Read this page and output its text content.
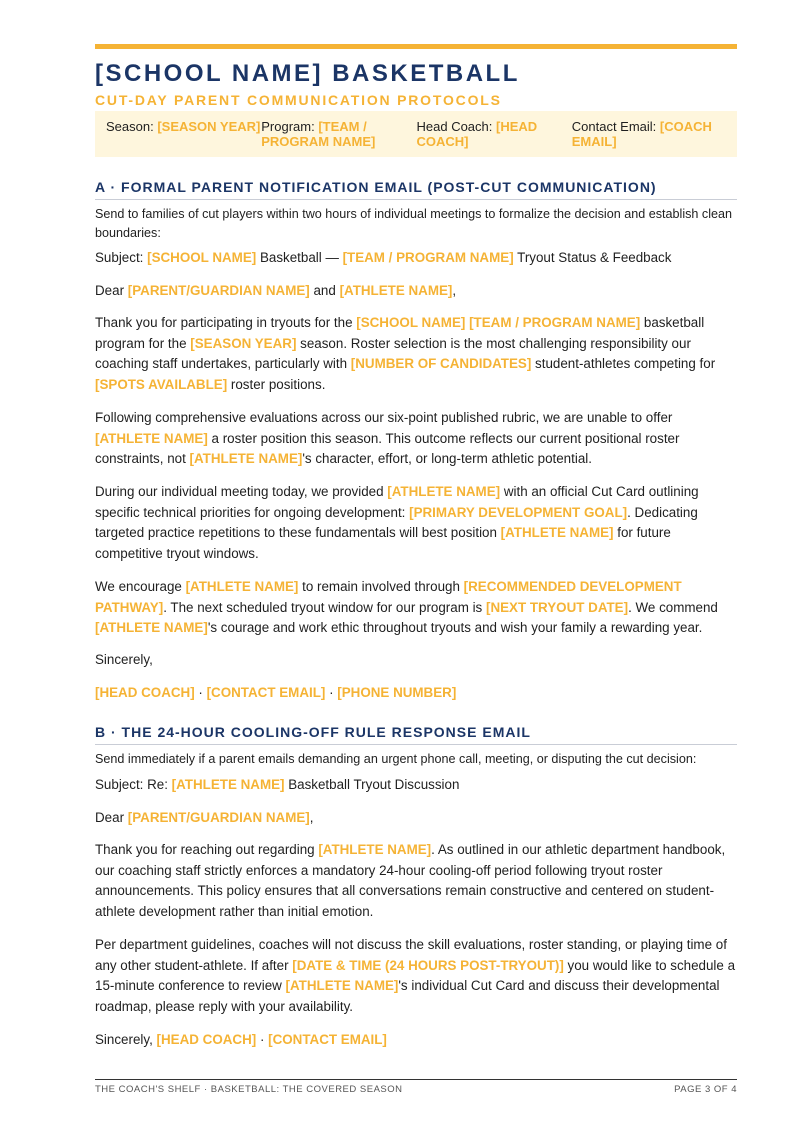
[SCHOOL NAME] BASKETBALL
CUT-DAY PARENT COMMUNICATION PROTOCOLS
Season: [SEASON YEAR] Program: [TEAM / PROGRAM NAME]
Head Coach: [HEAD COACH]
Contact Email: [COACH EMAIL]
A · FORMAL PARENT NOTIFICATION EMAIL (POST-CUT COMMUNICATION)

Send to families of cut players within two hours of individual meetings to formalize the decision and establish clean boundaries:

Subject: [SCHOOL NAME] Basketball — [TEAM / PROGRAM NAME] Tryout Status & Feedback

Dear [PARENT/GUARDIAN NAME] and [ATHLETE NAME],

Thank you for participating in tryouts for the [SCHOOL NAME] [TEAM / PROGRAM NAME] basketball program for the [SEASON YEAR] season. Roster selection is the most challenging responsibility our coaching staff undertakes, particularly with [NUMBER OF CANDIDATES] student-athletes competing for [SPOTS AVAILABLE] roster positions.

Following comprehensive evaluations across our six-point published rubric, we are unable to offer [ATHLETE NAME] a roster position this season. This outcome reflects our current positional roster constraints, not [ATHLETE NAME]'s character, effort, or long-term athletic potential.

During our individual meeting today, we provided [ATHLETE NAME] with an official Cut Card outlining specific technical priorities for ongoing development: [PRIMARY DEVELOPMENT GOAL]. Dedicating targeted practice repetitions to these fundamentals will best position [ATHLETE NAME] for future competitive tryout windows.

We encourage [ATHLETE NAME] to remain involved through [RECOMMENDED DEVELOPMENT PATHWAY]. The next scheduled tryout window for our program is [NEXT TRYOUT DATE]. We commend [ATHLETE NAME]'s courage and work ethic throughout tryouts and wish your family a rewarding year.

Sincerely,

[HEAD COACH] · [CONTACT EMAIL] · [PHONE NUMBER]

B · THE 24-HOUR COOLING-OFF RULE RESPONSE EMAIL

Send immediately if a parent emails demanding an urgent phone call, meeting, or disputing the cut decision:

Subject: Re: [ATHLETE NAME] Basketball Tryout Discussion

Dear [PARENT/GUARDIAN NAME],

Thank you for reaching out regarding [ATHLETE NAME]. As outlined in our athletic department handbook, our coaching staff strictly enforces a mandatory 24-hour cooling-off period following tryout roster announcements. This policy ensures that all conversations remain constructive and centered on student-athlete development rather than initial emotion.

Per department guidelines, coaches will not discuss the skill evaluations, roster standing, or playing time of any other student-athlete. If after [DATE & TIME (24 HOURS POST-TRYOUT)] you would like to schedule a 15-minute conference to review [ATHLETE NAME]'s individual Cut Card and discuss their developmental roadmap, please reply with your availability.

Sincerely, [HEAD COACH] · [CONTACT EMAIL]

THE COACH'S SHELF · BASKETBALL: THE COVERED SEASON	PAGE 3 OF 4
